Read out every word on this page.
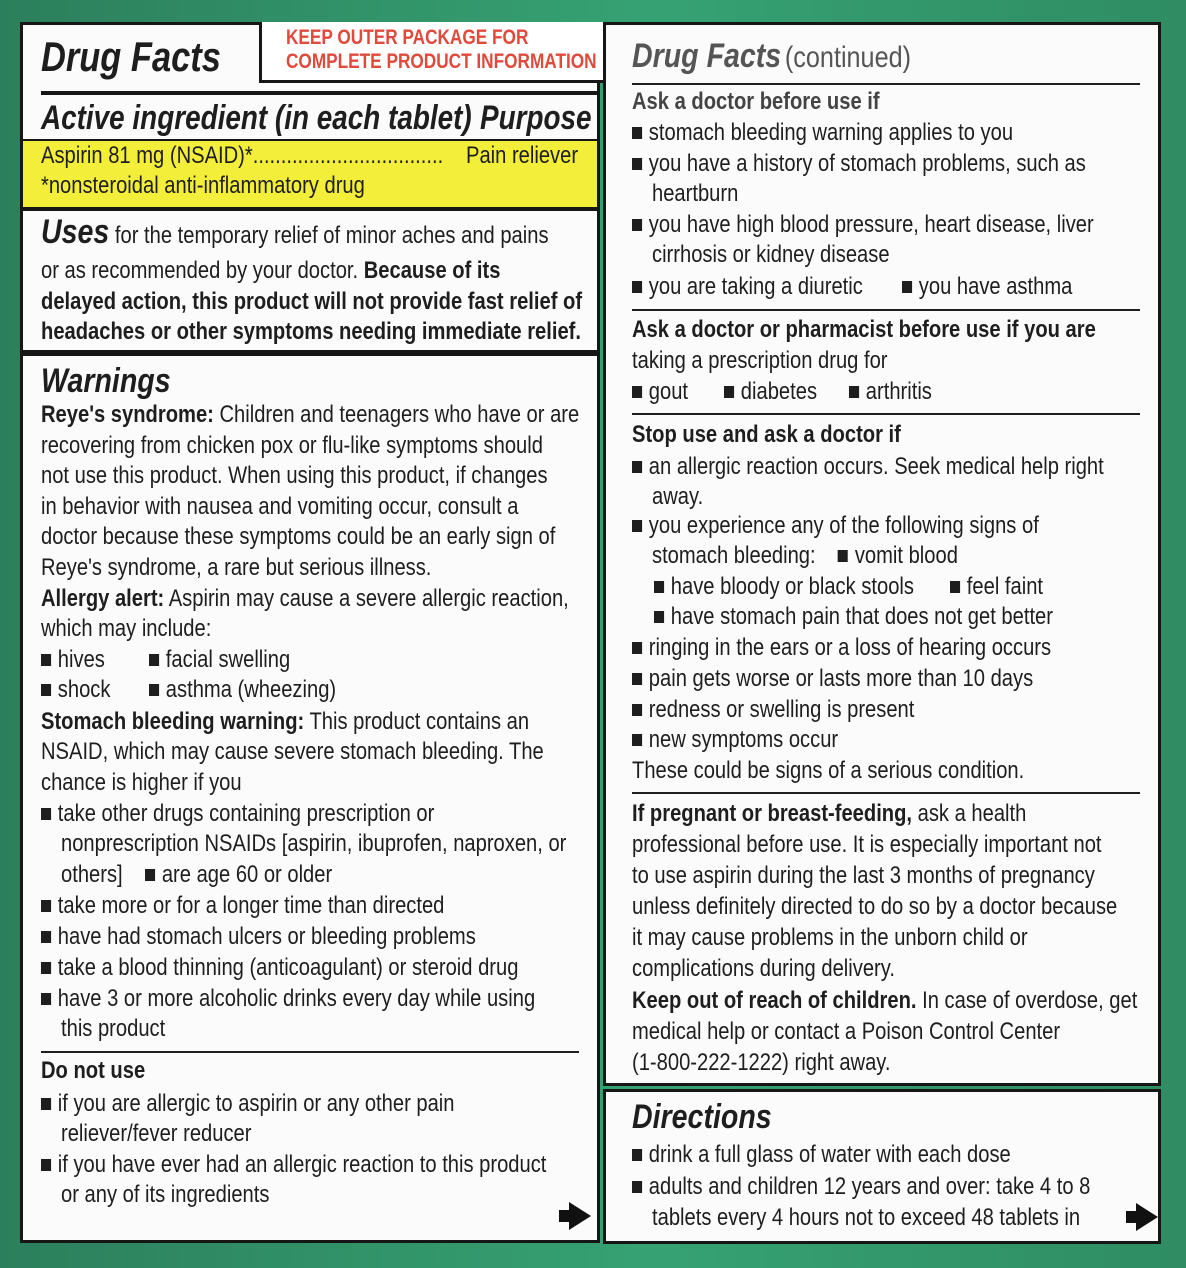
Drug Facts	KEEP OUTER PACKAGE FOR
COMPLETE PRODUCT INFORMATION
Active ingredient (in each tablet) Purpose
Aspirin 81 mg (NSAID)*.................................. Pain reliever
*nonsteroidal anti-inflammatory drug
Uses for the temporary relief of minor aches and pains
or as recommended by your doctor. Because of its
delayed action, this product will not provide fast relief of
headaches or other symptoms needing immediate relief.
Warnings
Reye's syndrome: Children and teenagers who have or are
recovering from chicken pox or flu-like symptoms should
not use this product. When using this product, if changes
in behavior with nausea and vomiting occur, consult a
doctor because these symptoms could be an early sign of
Reye's syndrome, a rare but serious illness.
Allergy alert: Aspirin may cause a severe allergic reaction,
which may include:
hives	facial swelling
shock	asthma (wheezing)
Stomach bleeding warning: This product contains an
NSAID, which may cause severe stomach bleeding. The
chance is higher if you
take other drugs containing prescription or
nonprescription NSAIDs [aspirin, ibuprofen, naproxen, or
others] are age 60 or older
take more or for a longer time than directed
have had stomach ulcers or bleeding problems
take a blood thinning (anticoagulant) or steroid drug
have 3 or more alcoholic drinks every day while using
this product
Do not use
if you are allergic to aspirin or any other pain
reliever/fever reducer
if you have ever had an allergic reaction to this product
or any of its ingredients
Drug Facts (continued)
Ask a doctor before use if
stomach bleeding warning applies to you
you have a history of stomach problems, such as
heartburn
you have high blood pressure, heart disease, liver
cirrhosis or kidney disease
you are taking a diuretic	you have asthma
Ask a doctor or pharmacist before use if you are
taking a prescription drug for
gout	diabetes	arthritis
Stop use and ask a doctor if
an allergic reaction occurs. Seek medical help right
away.
you experience any of the following signs of
stomach bleeding: vomit blood
have bloody or black stools	feel faint
have stomach pain that does not get better
ringing in the ears or a loss of hearing occurs
pain gets worse or lasts more than 10 days
redness or swelling is present
new symptoms occur
These could be signs of a serious condition.
If pregnant or breast-feeding, ask a health
professional before use. It is especially important not
to use aspirin during the last 3 months of pregnancy
unless definitely directed to do so by a doctor because
it may cause problems in the unborn child or
complications during delivery.
Keep out of reach of children. In case of overdose, get
medical help or contact a Poison Control Center
(1-800-222-1222) right away.
Directions
drink a full glass of water with each dose
adults and children 12 years and over: take 4 to 8
tablets every 4 hours not to exceed 48 tablets in
